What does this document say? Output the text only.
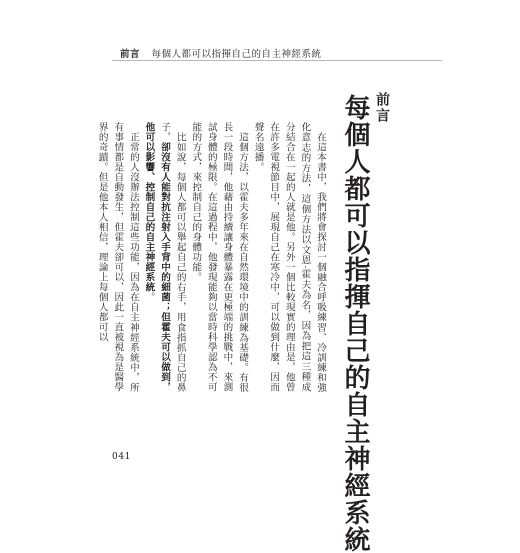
前言 每個人都可以指揮自己的自主神經系統
前言
每個人都可以指揮自己的自主神經系統

在這本書中，我們將會探討一個融合呼吸練習、冷訓練和強化意志的方法，這個方法以文恩·霍夫為名，因為把這三種成分結合在一起的人就是他。另外一個比較現實的理由是，他曾在許多電視節目中，展現自己在寒冷中，可以做到什麼，因而聲名遠播。

這個方法，以霍夫多年來在自然環境中的訓練為基礎。有很長一段時間，他藉由持續讓身體暴露在更極端的挑戰中，來測試身體的極限。在這過程中，他發現能夠以當時科學認為不可能的方式，來控制自己的身體功能。

比如說，每個人都可以舉起自己的右手，用食指抓自己的鼻子，卻沒有人能對抗注射入手背中的細菌；但霍夫可以做到，他可以影響、控制自己的自主神經系統。

正常的人沒辦法控制這些功能，因為在自主神經系統中，所有事情都是自動發生，但霍夫卻可以，因此一直被視為是醫學界的奇蹟。但是他本人相信，理論上每個人都可以

041
